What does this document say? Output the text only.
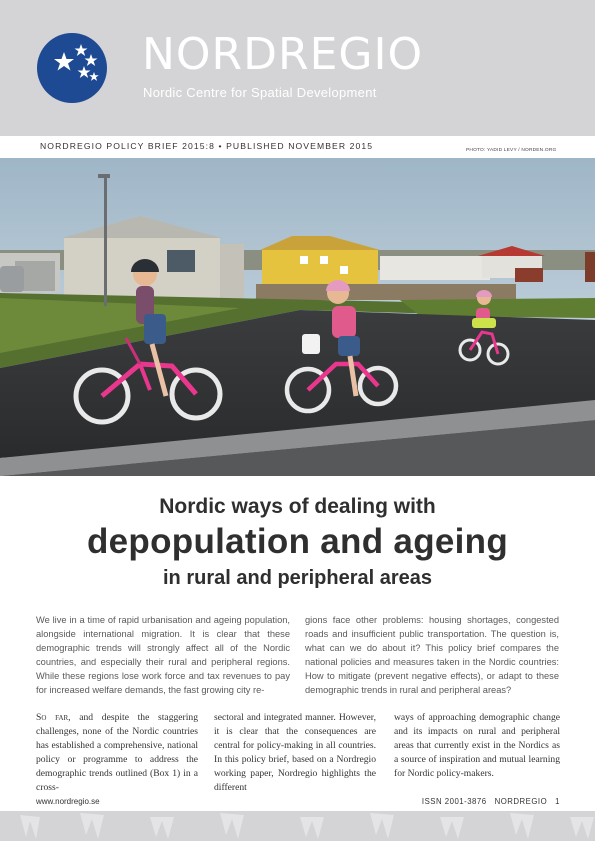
NORDREGIO
Nordic Centre for Spatial Development
NORDREGIO POLICY BRIEF 2015:8 • PUBLISHED NOVEMBER 2015	PHOTO: YADID LEVY / NORDEN.ORG
Nordic ways of dealing with
depopulation and ageing
in rural and peripheral areas

We live in a time of rapid urbanisation and ageing population, alongside international migration. It is clear that these demographic trends will strongly affect all of the Nordic countries, and especially their rural and peripheral regions. While these regions lose work force and tax revenues to pay for increased welfare demands, the fast growing city re-

gions face other problems: housing shortages, congested roads and insufficient public transportation. The question is, what can we do about it? This policy brief compares the national policies and measures taken in the Nordic countries: How to mitigate (prevent negative effects), or adapt to these demographic trends in rural and peripheral areas?

So far, and despite the staggering challenges, none of the Nordic countries has established a comprehensive, national policy or programme to address the demographic trends outlined (Box 1) in a cross-

sectoral and integrated manner. However, it is clear that the consequences are central for policy-making in all countries. In this policy brief, based on a Nordregio working paper, Nordregio highlights the different

ways of approaching demographic change and its impacts on rural and peripheral areas that currently exist in the Nordics as a source of inspiration and mutual learning for Nordic policy-makers.

www.nordregio.se	ISSN 2001-3876 NORDREGIO 1
